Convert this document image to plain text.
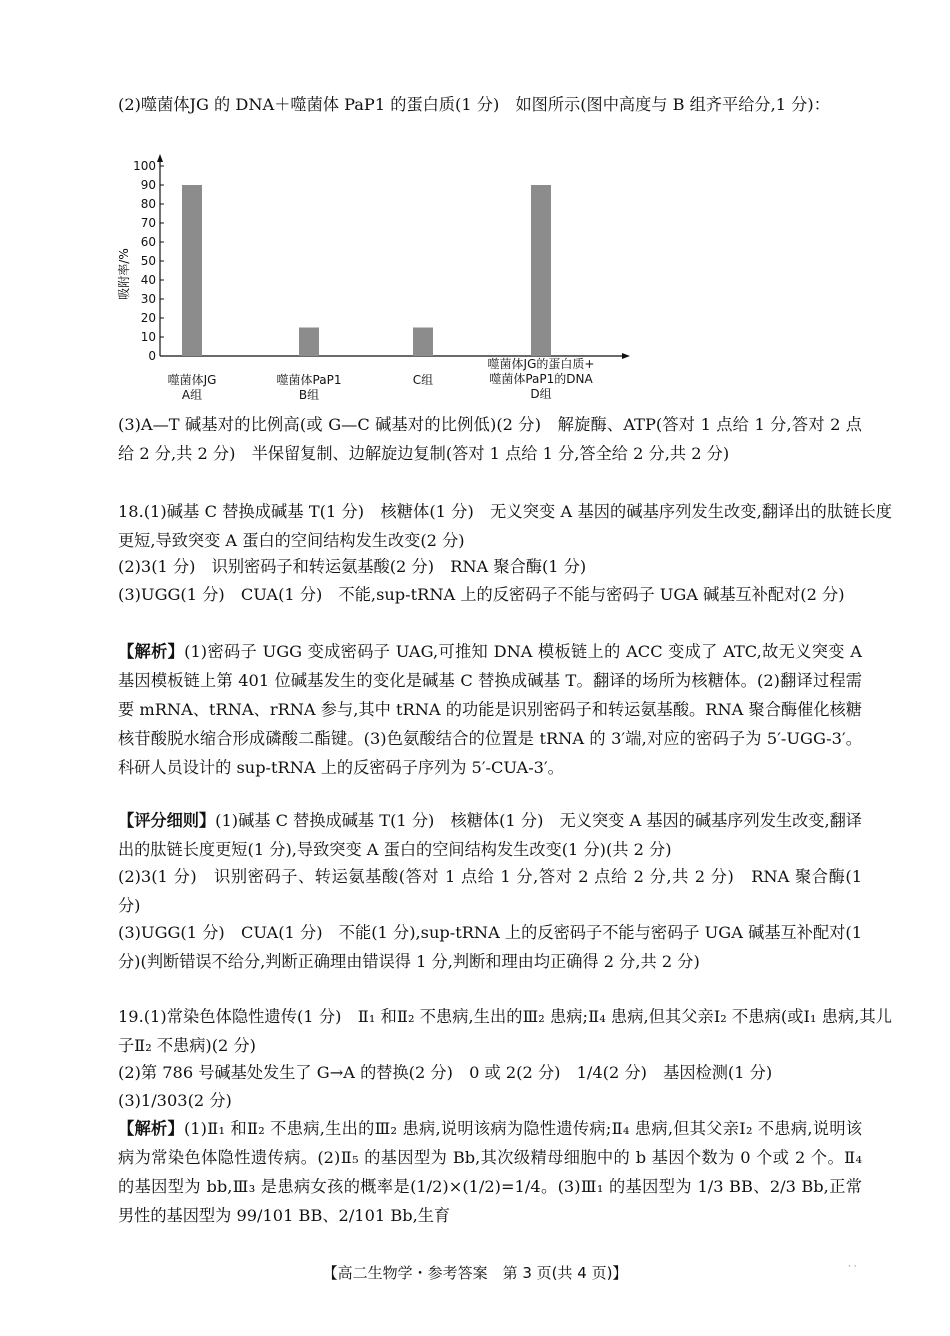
(2)噬菌体JG 的 DNA＋噬菌体 PaP1 的蛋白质(1 分)　如图所示(图中高度与 B 组齐平给分,1 分)：

吸附率/%
0
10
20
30
40
50
60
70
80
90
100
噬菌体JG
A组
噬菌体PaP1
B组
C组
噬菌体JG的蛋白质+
噬菌体PaP1的DNA
D组

(3)A—T 碱基对的比例高(或 G—C 碱基对的比例低)(2 分)　解旋酶、ATP(答对 1 点给 1 分,答对 2 点给 2 分,共 2 分)　半保留复制、边解旋边复制(答对 1 点给 1 分,答全给 2 分,共 2 分)

18.(1)碱基 C 替换成碱基 T(1 分)　核糖体(1 分)　无义突变 A 基因的碱基序列发生改变,翻译出的肽链长度更短,导致突变 A 蛋白的空间结构发生改变(2 分)

(2)3(1 分)　识别密码子和转运氨基酸(2 分)　RNA 聚合酶(1 分)

(3)UGG(1 分)　CUA(1 分)　不能,sup-tRNA 上的反密码子不能与密码子 UGA 碱基互补配对(2 分)

【解析】(1)密码子 UGG 变成密码子 UAG,可推知 DNA 模板链上的 ACC 变成了 ATC,故无义突变 A 基因模板链上第 401 位碱基发生的变化是碱基 C 替换成碱基 T。翻译的场所为核糖体。(2)翻译过程需要 mRNA、tRNA、rRNA 参与,其中 tRNA 的功能是识别密码子和转运氨基酸。RNA 聚合酶催化核糖核苷酸脱水缩合形成磷酸二酯键。(3)色氨酸结合的位置是 tRNA 的 3′端,对应的密码子为 5′-UGG-3′。科研人员设计的 sup-tRNA 上的反密码子序列为 5′-CUA-3′。

【评分细则】(1)碱基 C 替换成碱基 T(1 分)　核糖体(1 分)　无义突变 A 基因的碱基序列发生改变,翻译出的肽链长度更短(1 分),导致突变 A 蛋白的空间结构发生改变(1 分)(共 2 分)

(2)3(1 分)　识别密码子、转运氨基酸(答对 1 点给 1 分,答对 2 点给 2 分,共 2 分)　RNA 聚合酶(1 分)

(3)UGG(1 分)　CUA(1 分)　不能(1 分),sup-tRNA 上的反密码子不能与密码子 UGA 碱基互补配对(1 分)(判断错误不给分,判断正确理由错误得 1 分,判断和理由均正确得 2 分,共 2 分)

19.(1)常染色体隐性遗传(1 分)　Ⅱ₁ 和Ⅱ₂ 不患病,生出的Ⅲ₂ 患病;Ⅱ₄ 患病,但其父亲Ⅰ₂ 不患病(或Ⅰ₁ 患病,其儿子Ⅱ₂ 不患病)(2 分)

(2)第 786 号碱基处发生了 G→A 的替换(2 分)　0 或 2(2 分)　1/4(2 分)　基因检测(1 分)

(3)1/303(2 分)

【解析】(1)Ⅱ₁ 和Ⅱ₂ 不患病,生出的Ⅲ₂ 患病,说明该病为隐性遗传病;Ⅱ₄ 患病,但其父亲Ⅰ₂ 不患病,说明该病为常染色体隐性遗传病。(2)Ⅱ₅ 的基因型为 Bb,其次级精母细胞中的 b 基因个数为 0 个或 2 个。Ⅱ₄ 的基因型为 bb,Ⅲ₃ 是患病女孩的概率是(1/2)×(1/2)=1/4。(3)Ⅲ₁ 的基因型为 1/3 BB、2/3 Bb,正常男性的基因型为 99/101 BB、2/101 Bb,生育

【高二生物学・参考答案　第 3 页(共 4 页)】	· ·
